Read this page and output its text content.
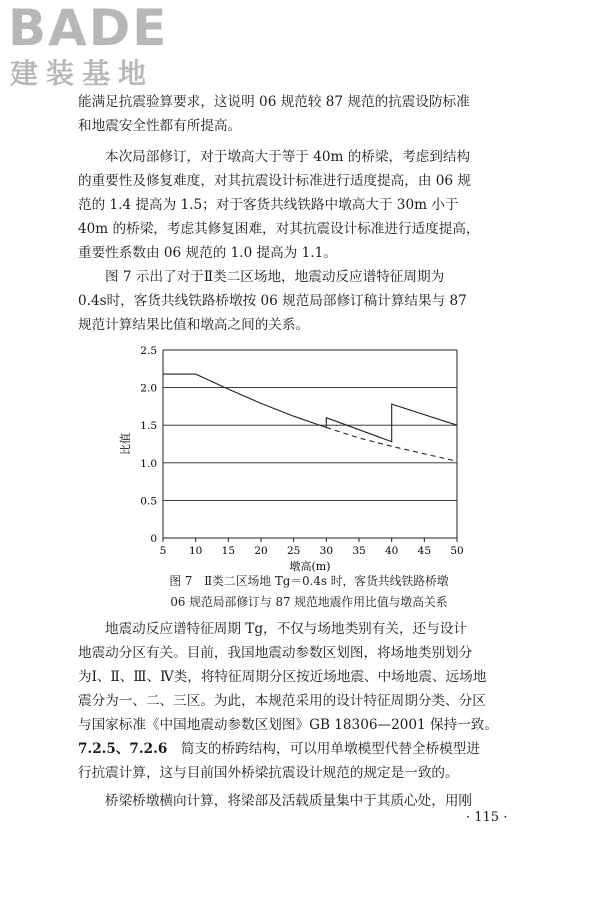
BADE
建装基地
能满足抗震验算要求，这说明 06 规范较 87 规范的抗震设防标准
和地震安全性都有所提高。
本次局部修订，对于墩高大于等于 40m 的桥梁，考虑到结构
的重要性及修复难度，对其抗震设计标准进行适度提高，由 06 规
范的 1.4 提高为 1.5；对于客货共线铁路中墩高大于 30m 小于
40m 的桥梁，考虑其修复困难，对其抗震设计标准进行适度提高，
重要性系数由 06 规范的 1.0 提高为 1.1。
图 7 示出了对于Ⅱ类二区场地，地震动反应谱特征周期为
0.4s时，客货共线铁路桥墩按 06 规范局部修订稿计算结果与 87
规范计算结果比值和墩高之间的关系。
0
0.5
1.0
1.5
2.0
2.5
5 10 15 20 25 30 35 40 45 50
墩高(m)
比值
图 7　Ⅱ类二区场地 Tg＝0.4s 时，客货共线铁路桥墩
06 规范局部修订与 87 规范地震作用比值与墩高关系
地震动反应谱特征周期 Tg，不仅与场地类别有关，还与设计
地震动分区有关。目前，我国地震动参数区划图，将场地类别划分
为Ⅰ、Ⅱ、Ⅲ、Ⅳ类，将特征周期分区按近场地震、中场地震、远场地
震分为一、二、三区。为此，本规范采用的设计特征周期分类、分区
与国家标准《中国地震动参数区划图》GB 18306—2001 保持一致。
7.2.5、7.2.6　 简支的桥跨结构，可以用单墩模型代替全桥模型进
行抗震计算，这与目前国外桥梁抗震设计规范的规定是一致的。
桥梁桥墩横向计算，将梁部及活载质量集中于其质心处，用刚
· 115 ·
